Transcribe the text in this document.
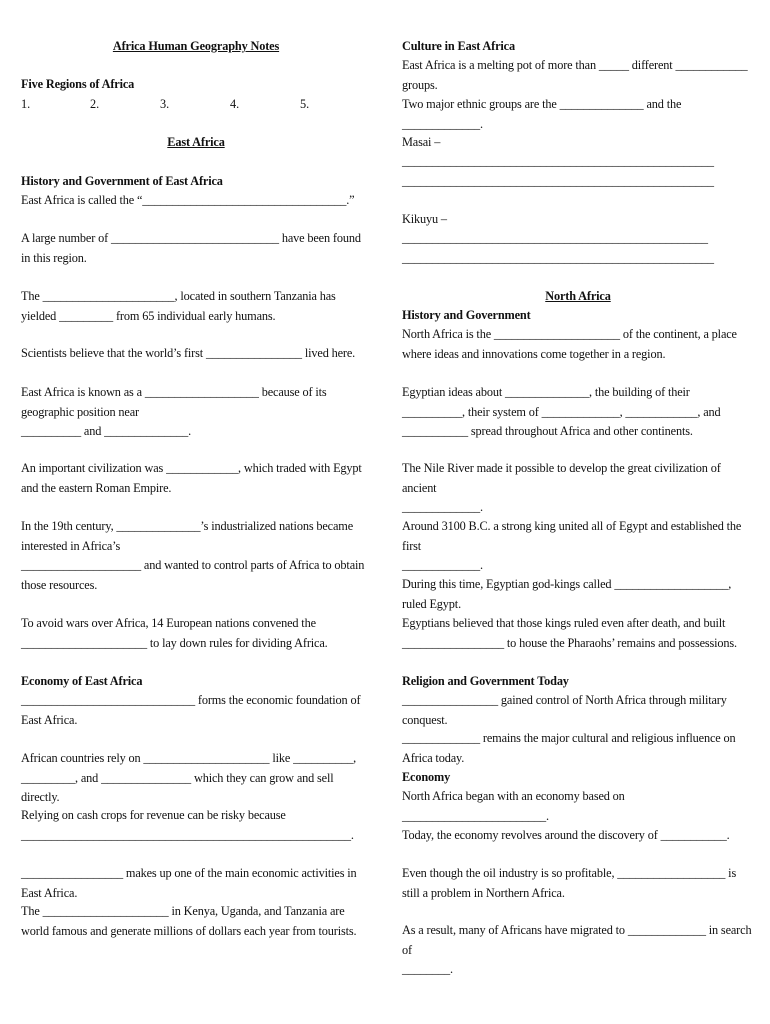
Africa Human Geography Notes

Five Regions of Africa

1.

	2.

	3.

	4.

	5.

East Africa

History and Government of East Africa

East Africa is called the “__________________________________.”

A large number of ____________________________ have been found in this region.

The ______________________, located in southern Tanzania has yielded _________ from 65 individual early humans.

Scientists believe that the world’s first ________________ lived here.

East Africa is known as a ___________________ because of its geographic position near
__________ and ______________.

An important civilization was ____________, which traded with Egypt and the eastern Roman Empire.

In the 19th century, ______________’s industrialized nations became interested in Africa’s
____________________ and wanted to control parts of Africa to obtain those resources.

To avoid wars over Africa, 14 European nations convened the
_____________________ to lay down rules for dividing Africa.

Economy of East Africa

_____________________________ forms the economic foundation of East Africa.

African countries rely on _____________________ like __________,
_________, and _______________ which they can grow and sell directly.

Relying on cash crops for revenue can be risky because
_______________________________________________________.

_________________ makes up one of the main economic activities in East Africa.

The _____________________ in Kenya, Uganda, and Tanzania are world famous and generate millions of dollars each year from tourists.

Culture in East Africa

East Africa is a melting pot of more than _____ different ____________ groups.

Two major ethnic groups are the ______________ and the _____________.

Masai –

____________________________________________________
____________________________________________________

Kikuyu –

___________________________________________________
____________________________________________________

North Africa

History and Government

North Africa is the _____________________ of the continent, a place where ideas and innovations come together in a region.

Egyptian ideas about ______________, the building of their __________, their system of _____________, ____________, and ___________ spread throughout Africa and other continents.

The Nile River made it possible to develop the great civilization of ancient
_____________.

Around 3100 B.C. a strong king united all of Egypt and established the first
_____________.

During this time, Egyptian god-kings called ___________________, ruled Egypt.

Egyptians believed that those kings ruled even after death, and built
_________________ to house the Pharaohs’ remains and possessions.

Religion and Government Today

________________ gained control of North Africa through military conquest.

_____________ remains the major cultural and religious influence on Africa today.

Economy

North Africa began with an economy based on ________________________.

Today, the economy revolves around the discovery of ___________.

Even though the oil industry is so profitable, __________________ is still a problem in Northern Africa.

As a result, many of Africans have migrated to _____________ in search of
________.
